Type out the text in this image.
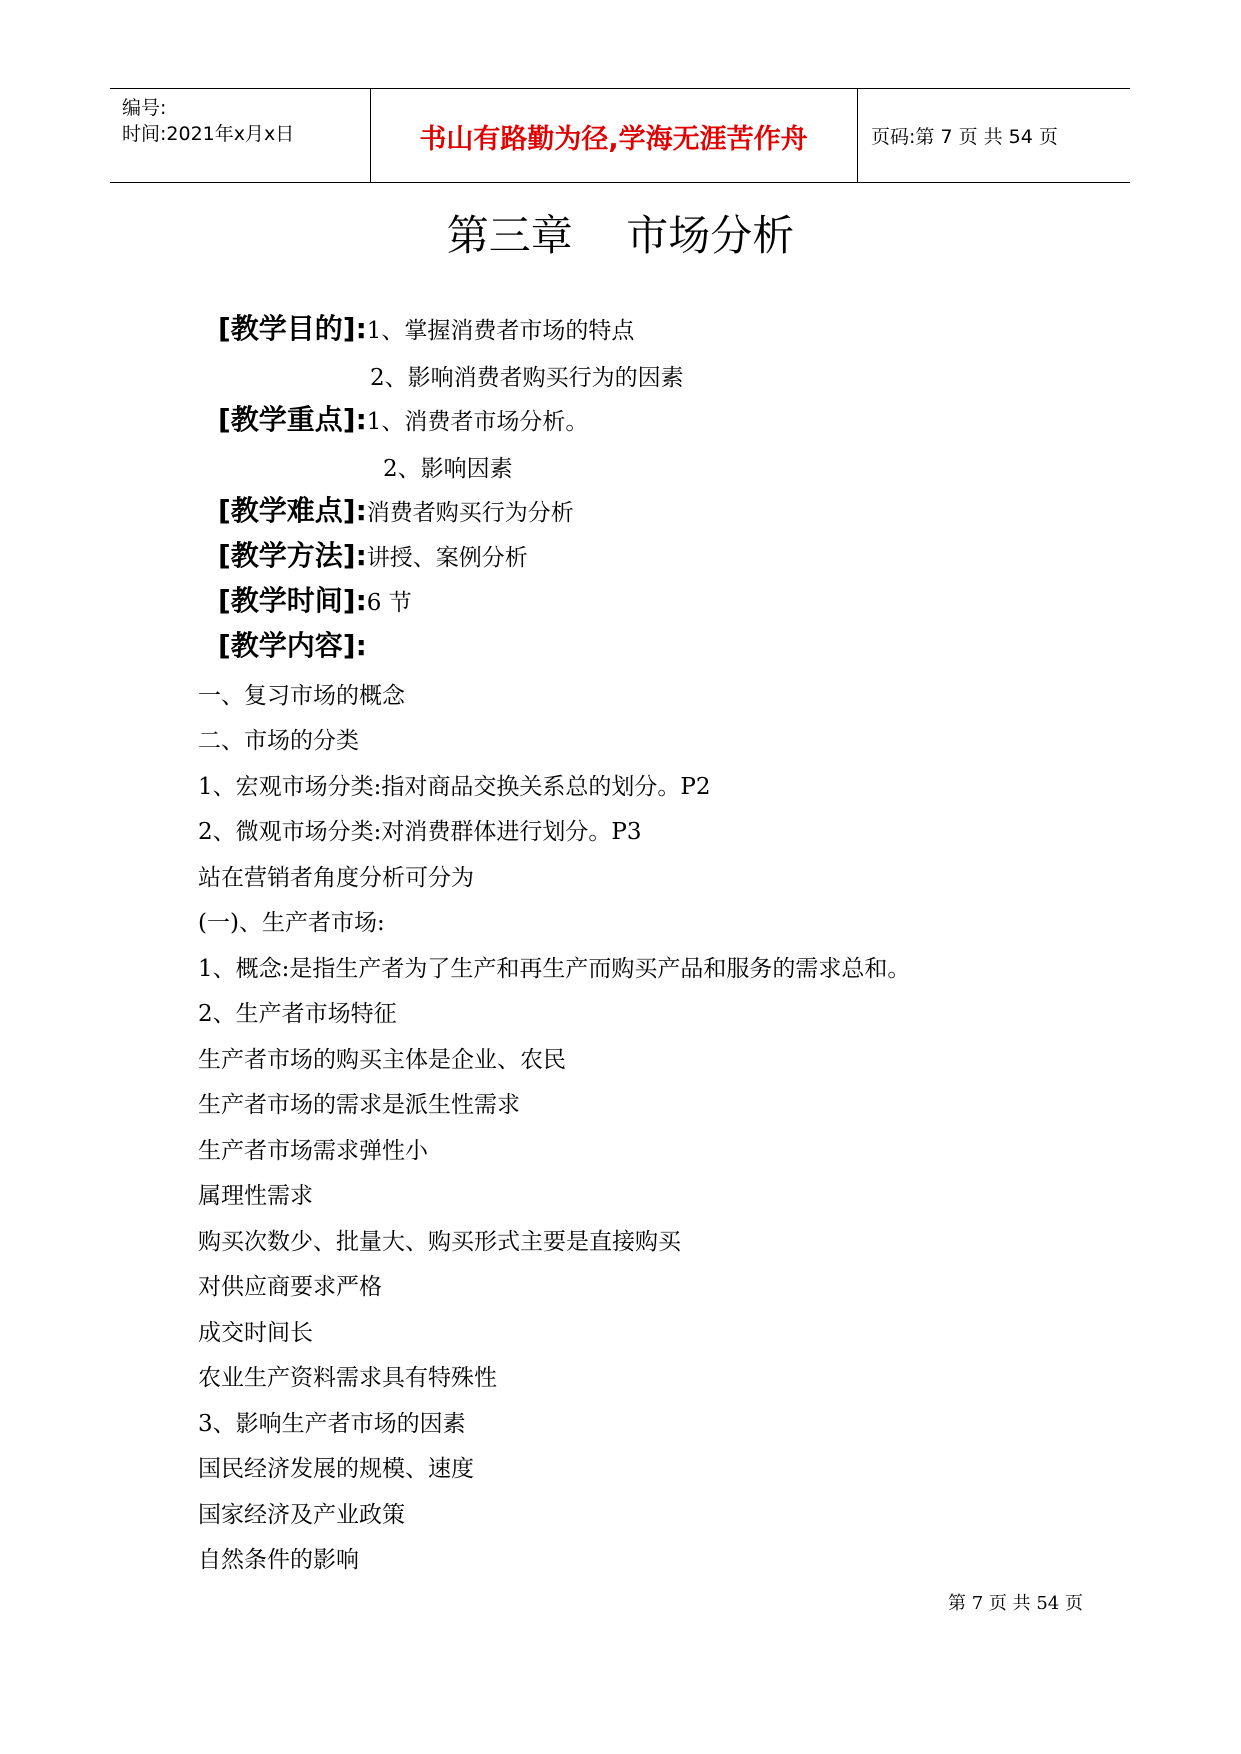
编号:
时间:2021年x月x日	书山有路勤为径,学海无涯苦作舟	页码:第 7 页 共 54 页
第三章    市场分析
[教学目的]:1、掌握消费者市场的特点
2、影响消费者购买行为的因素
[教学重点]:1、消费者市场分析。
2、影响因素
[教学难点]:消费者购买行为分析
[教学方法]:讲授、案例分析
[教学时间]:6 节
[教学内容]:
一、复习市场的概念
二、市场的分类
1、宏观市场分类:指对商品交换关系总的划分。P2
2、微观市场分类:对消费群体进行划分。P3
站在营销者角度分析可分为
(一)、生产者市场:
1、概念:是指生产者为了生产和再生产而购买产品和服务的需求总和。
2、生产者市场特征
生产者市场的购买主体是企业、农民
生产者市场的需求是派生性需求
生产者市场需求弹性小
属理性需求
购买次数少、批量大、购买形式主要是直接购买
对供应商要求严格
成交时间长
农业生产资料需求具有特殊性
3、影响生产者市场的因素
国民经济发展的规模、速度
国家经济及产业政策
自然条件的影响
第 7 页 共 54 页
